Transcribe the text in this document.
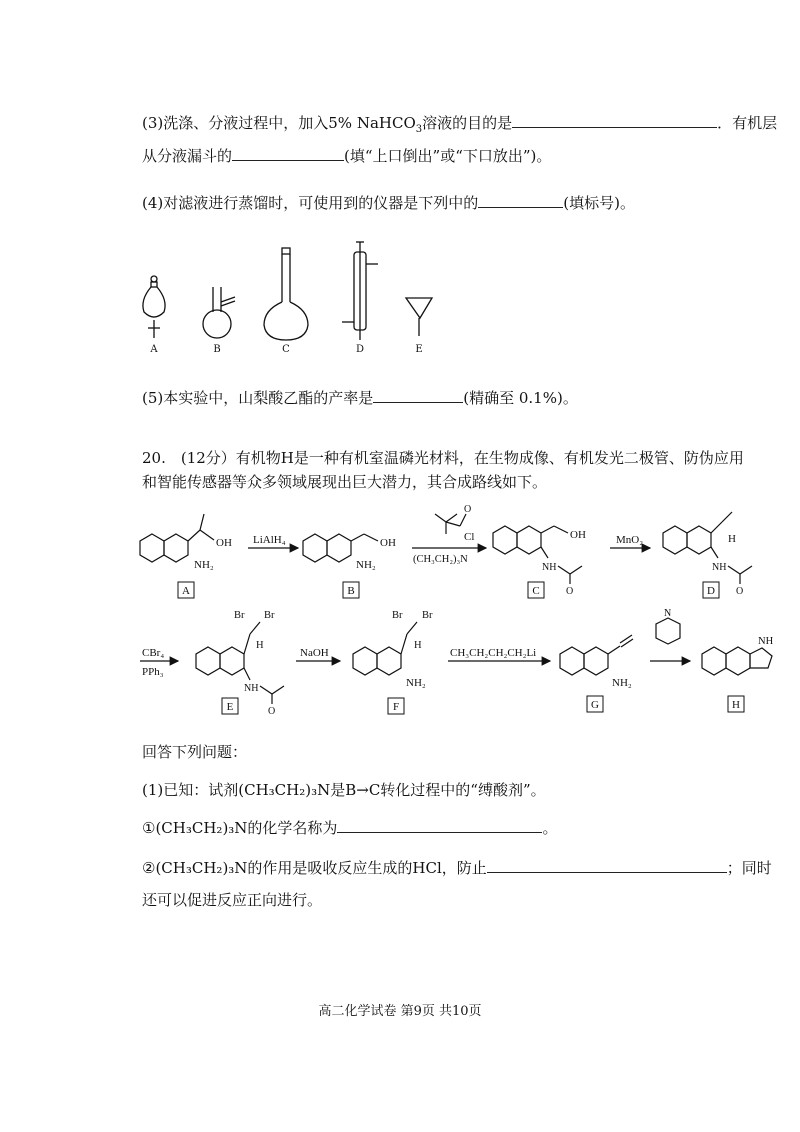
(3)洗涤、分液过程中，加入5% NaHCO$_3$溶液的目的是	．有机层
从分液漏斗的	(填“上口倒出”或“下口放出”)。
(4)对滤液进行蒸馏时，可使用到的仪器是下列中的	(填标号)。
A	B	C	D	E
(5)本实验中，山梨酸乙酯的产率是	(精确至 0.1%)。
20.　(12分）有机物H是一种有机室温磷光材料，在生物成像、有机发光二极管、防伪应用
和智能传感器等众多领域展现出巨大潜力，其合成路线如下。
OH
NH₂
A
LiAlH₄	OH
NH₂
B
O
Cl
(CH₃CH₂)₃N
OH
NH
O
C
MnO₂	H
NH
O
D
CBr₄
PPh₃
Br Br
H
NH
O
E
NaOH
Br Br
H
NH₂
F
CH₃CH₂CH₂CH₂Li
NH₂
G
N
NH
H
回答下列问题：
(1)已知：试剂(CH₃CH₂)₃N是B→C转化过程中的“缚酸剂”。
①(CH₃CH₂)₃N的化学名称为	。
②(CH₃CH₂)₃N的作用是吸收反应生成的HCl，防止	；同时
还可以促进反应正向进行。
高二化学试卷 第9页 共10页
